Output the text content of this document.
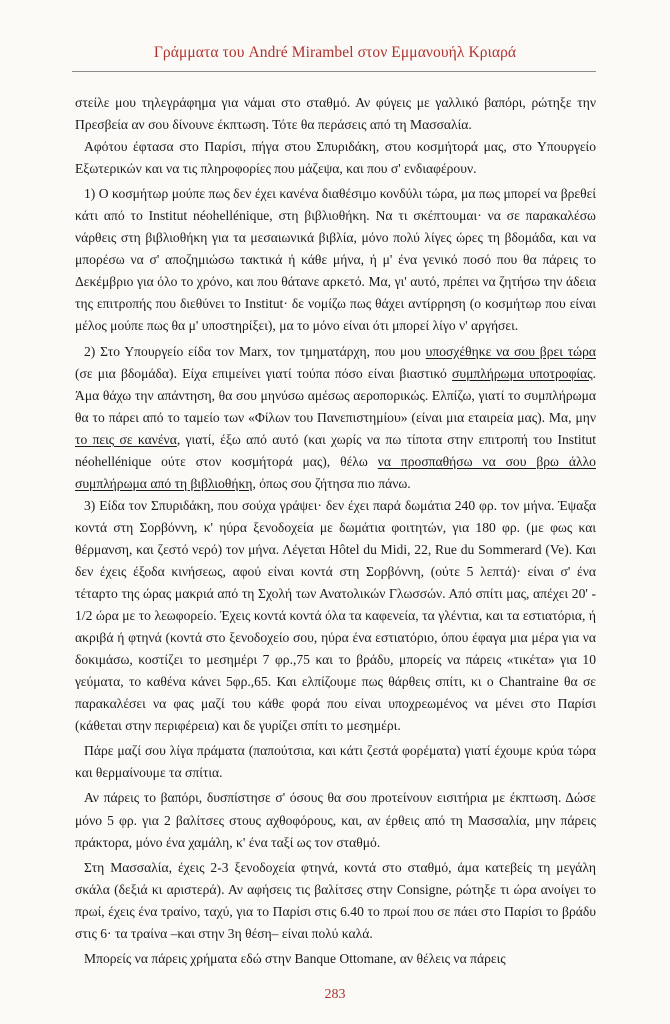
Γράμματα του André Mirambel στον Εμμανουήλ Κριαρά

στείλε μου τηλεγράφημα για νάμαι στο σταθμό. Αν φύγεις με γαλλικό βαπόρι, ρώτηξε την Πρεσβεία αν σου δίνουνε έκπτωση. Τότε θα περάσεις από τη Μασσαλία.

Αφότου έφτασα στο Παρίσι, πήγα στου Σπυριδάκη, στου κοσμήτορά μας, στο Υπουργείο Εξωτερικών και να τις πληροφορίες που μάζεψα, και που σ' ενδιαφέρουν.

1) Ο κοσμήτωρ μούπε πως δεν έχει κανένα διαθέσιμο κονδύλι τώρα, μα πως μπορεί να βρεθεί κάτι από το Institut néohellénique, στη βιβλιοθήκη. Να τι σκέπτουμαι· να σε παρακαλέσω νάρθεις στη βιβλιοθήκη για τα μεσαιωνικά βιβλία, μόνο πολύ λίγες ώρες τη βδομάδα, και να μπορέσω να σ' αποζημιώσω τακτικά ή κάθε μήνα, ή μ' ένα γενικό ποσό που θα πάρεις το Δεκέμβριο για όλο το χρόνο, και που θάτανε αρκετό. Μα, γι' αυτό, πρέπει να ζητήσω την άδεια της επιτροπής που διεθύνει το Institut· δε νομίζω πως θάχει αντίρρηση (ο κοσμήτωρ που είναι μέλος μούπε πως θα μ' υποστηρίξει), μα το μόνο είναι ότι μπορεί λίγο ν' αργήσει.

2) Στο Υπουργείο είδα τον Marx, τον τμηματάρχη, που μου υποσχέθηκε να σου βρει τώρα (σε μια βδομάδα). Είχα επιμείνει γιατί τούπα πόσο είναι βιαστικό συμπλήρωμα υποτροφίας. Άμα θάχω την απάντηση, θα σου μηνύσω αμέσως αεροπορικώς. Ελπίζω, γιατί το συμπλήρωμα θα το πάρει από το ταμείο των «Φίλων του Πανεπιστημίου» (είναι μια εταιρεία μας). Μα, μην το πεις σε κανένα, γιατί, έξω από αυτό (και χωρίς να πω τίποτα στην επιτροπή του Institut néohellénique ούτε στον κοσμήτορά μας), θέλω να προσπαθήσω να σου βρω άλλο συμπλήρωμα από τη βιβλιοθήκη, όπως σου ζήτησα πιο πάνω.

3) Είδα τον Σπυριδάκη, που σούχα γράψει· δεν έχει παρά δωμάτια 240 φρ. τον μήνα. Έψαξα κοντά στη Σορβόννη, κ' ηύρα ξενοδοχεία με δωμάτια φοιτητών, για 180 φρ. (με φως και θέρμανση, και ζεστό νερό) τον μήνα. Λέγεται Hôtel du Midi, 22, Rue du Sommerard (Ve). Και δεν έχεις έξοδα κινήσεως, αφού είναι κοντά στη Σορβόννη, (ούτε 5 λεπτά)· είναι σ' ένα τέταρτο της ώρας μακριά από τη Σχολή των Ανατολικών Γλωσσών. Από σπίτι μας, απέχει 20' - 1/2 ώρα με το λεωφορείο. Έχεις κοντά κοντά όλα τα καφενεία, τα γλέντια, και τα εστιατόρια, ή ακριβά ή φτηνά (κοντά στο ξενοδοχείο σου, ηύρα ένα εστιατόριο, όπου έφαγα μια μέρα για να δοκιμάσω, κοστίζει το μεσημέρι 7 φρ.,75 και το βράδυ, μπορείς να πάρεις «τικέτα» για 10 γεύματα, το καθένα κάνει 5φρ.,65. Και ελπίζουμε πως θάρθεις σπίτι, κι ο Chantraine θα σε παρακαλέσει να φας μαζί του κάθε φορά που είναι υποχρεωμένος να μένει στο Παρίσι (κάθεται στην περιφέρεια) και δε γυρίζει σπίτι το μεσημέρι.

Πάρε μαζί σου λίγα πράματα (παπούτσια, και κάτι ζεστά φορέματα) γιατί έχουμε κρύα τώρα και θερμαίνουμε τα σπίτια.

Αν πάρεις το βαπόρι, δυσπίστησε σ' όσους θα σου προτείνουν εισιτήρια με έκπτωση. Δώσε μόνο 5 φρ. για 2 βαλίτσες στους αχθοφόρους, και, αν έρθεις από τη Μασσαλία, μην πάρεις πράκτορα, μόνο ένα χαμάλη, κ' ένα ταξί ως τον σταθμό.

Στη Μασσαλία, έχεις 2-3 ξενοδοχεία φτηνά, κοντά στο σταθμό, άμα κατεβείς τη μεγάλη σκάλα (δεξιά κι αριστερά). Αν αφήσεις τις βαλίτσες στην Consigne, ρώτηξε τι ώρα ανοίγει το πρωί, έχεις ένα τραίνο, ταχύ, για το Παρίσι στις 6.40 το πρωί που σε πάει στο Παρίσι το βράδυ στις 6· τα τραίνα –και στην 3η θέση– είναι πολύ καλά.

Μπορείς να πάρεις χρήματα εδώ στην Banque Ottomane, αν θέλεις να πάρεις

283
